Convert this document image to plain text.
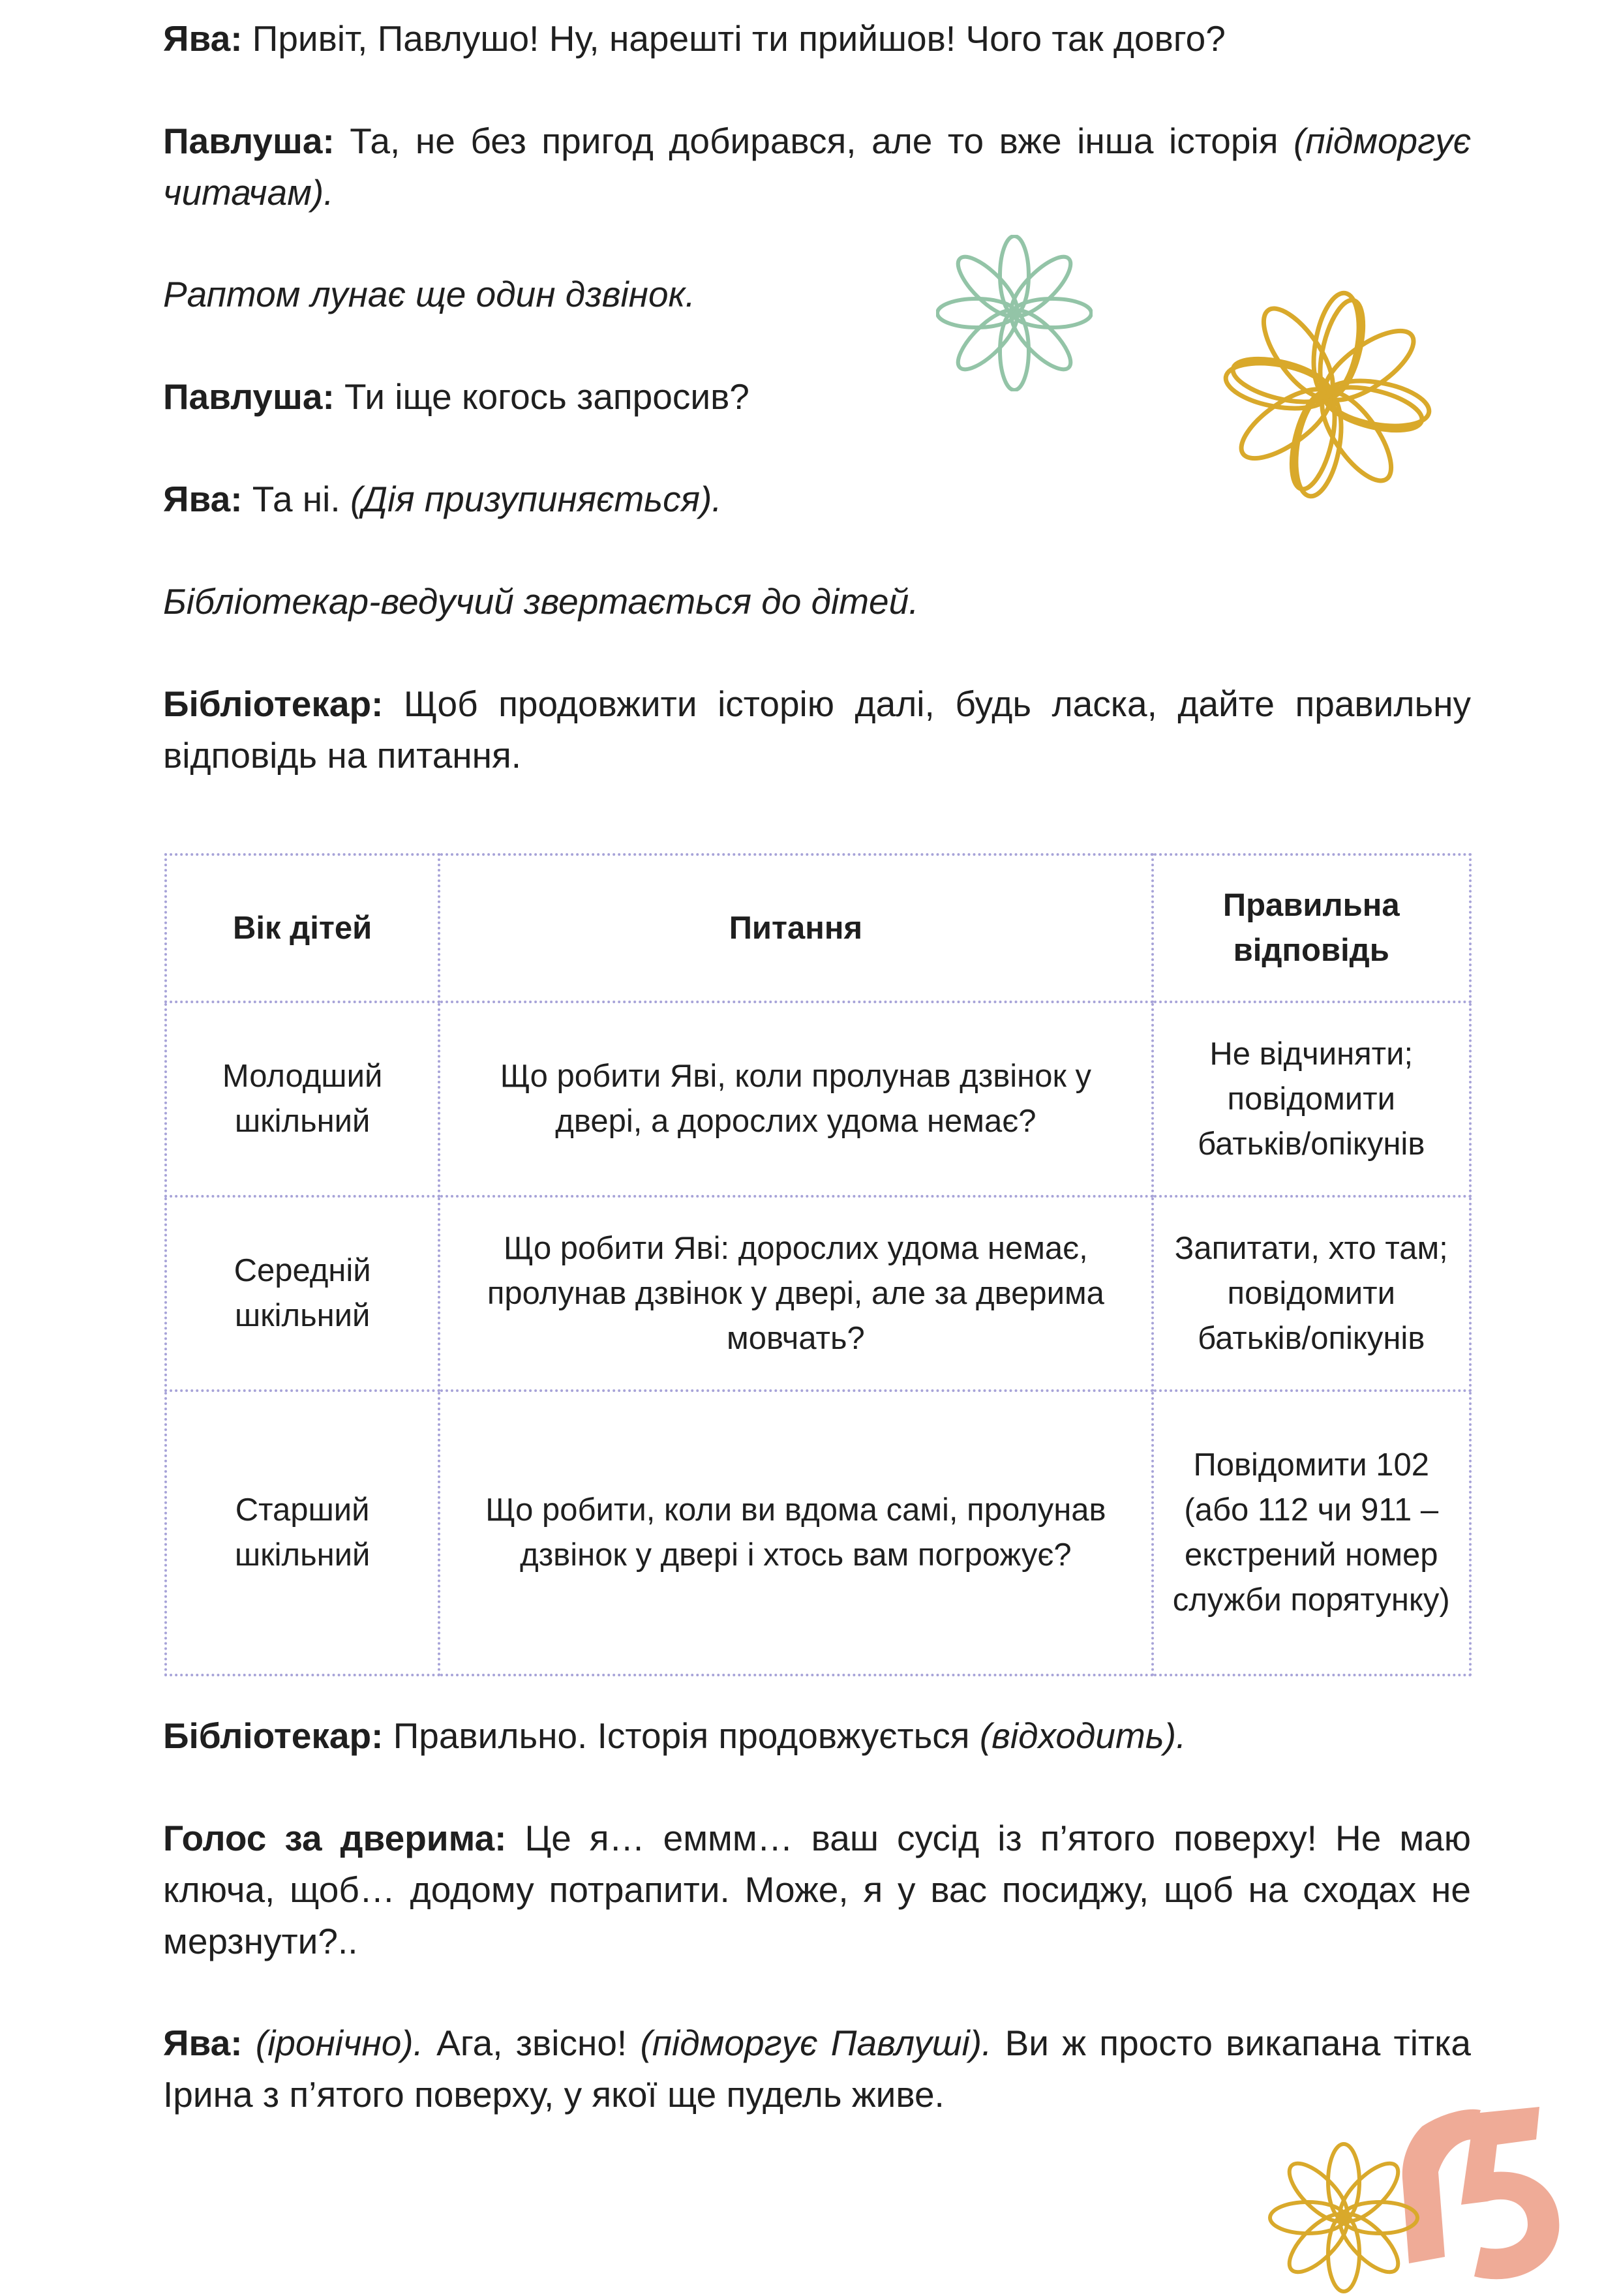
Ява: Привіт, Павлушо! Ну, нарешті ти прийшов! Чого так довго?

Павлуша: Та, не без пригод добирався, але то вже інша історія (підморгує читачам).

Раптом лунає ще один дзвінок.

Павлуша: Ти іще когось запросив?

Ява: Та ні. (Дія призупиняється).

Бібліотекар-ведучий звертається до дітей.

Бібліотекар: Щоб продовжити історію далі, будь ласка, дайте правильну відповідь на питання.

Вік дітей	Питання	Правильна відповідь
Молодший шкільний	Що робити Яві, коли пролунав дзвінок у двері, а дорослих удома немає?	Не відчиняти; повідомити батьків/опікунів
Середній шкільний	Що робити Яві: дорослих удома немає, пролунав дзвінок у двері, але за дверима мовчать?	Запитати, хто там; повідомити батьків/опікунів
Старший шкільний	Що робити, коли ви вдома самі, пролунав дзвінок у двері і хтось вам погрожує?	Повідомити 102 (або 112 чи 911 – екстрений номер служби порятунку)

Бібліотекар: Правильно. Історія продовжується (відходить).

Голос за дверима: Це я… еммм… ваш сусід із п’ятого поверху! Не маю ключа, щоб… додому потрапити. Може, я у вас посиджу, щоб на сходах не мерзнути?..

Ява: (іронічно). Ага, звісно! (підморгує Павлуші). Ви ж просто викапана тітка Ірина з п’ятого поверху, у якої ще пудель живе.
